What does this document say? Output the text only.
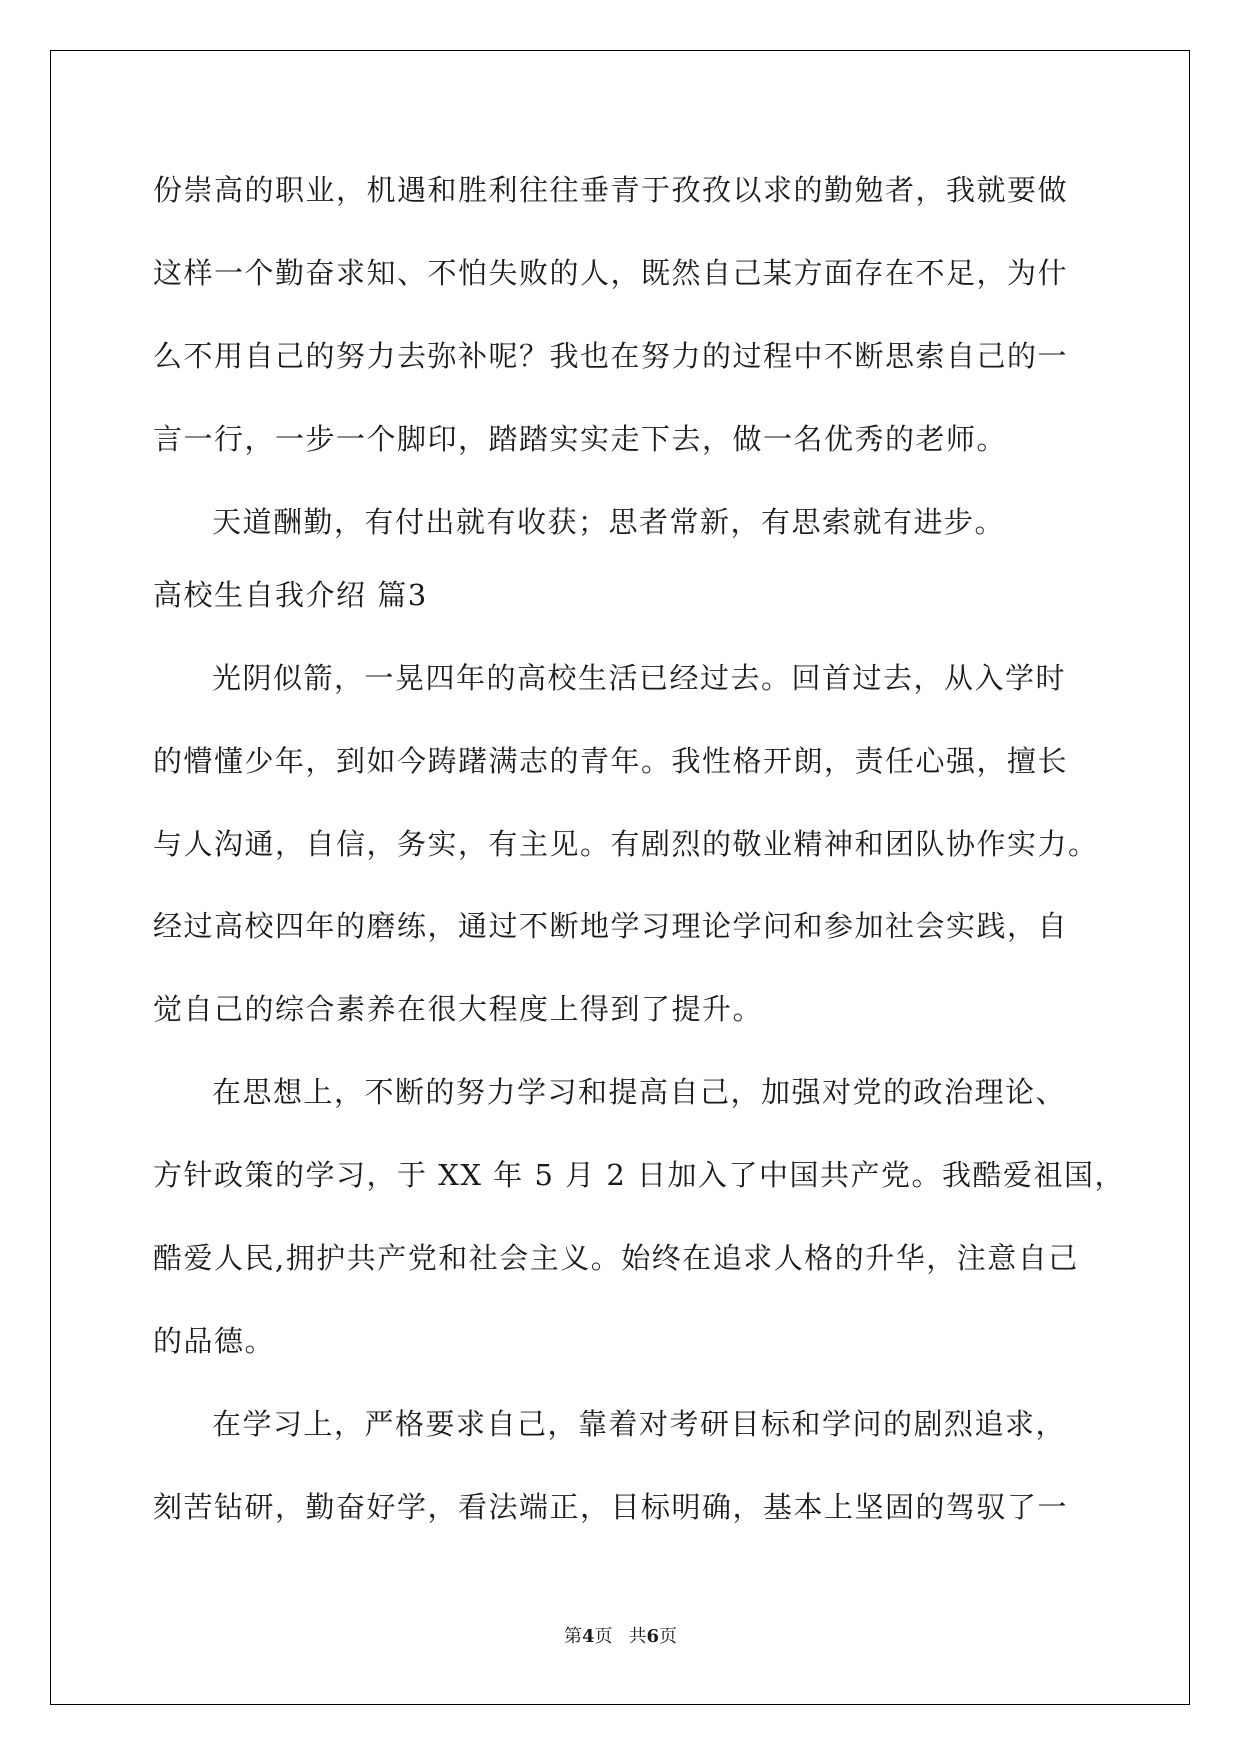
份崇高的职业，机遇和胜利往往垂青于孜孜以求的勤勉者，我就要做

这样一个勤奋求知、不怕失败的人，既然自己某方面存在不足，为什

么不用自己的努力去弥补呢？我也在努力的过程中不断思索自己的一

言一行，一步一个脚印，踏踏实实走下去，做一名优秀的老师。

天道酬勤，有付出就有收获；思者常新，有思索就有进步。

高校生自我介绍 篇3

光阴似箭，一晃四年的高校生活已经过去。回首过去，从入学时

的懵懂少年，到如今踌躇满志的青年。我性格开朗，责任心强，擅长

与人沟通，自信，务实，有主见。有剧烈的敬业精神和团队协作实力。

经过高校四年的磨练，通过不断地学习理论学问和参加社会实践，自

觉自己的综合素养在很大程度上得到了提升。

在思想上，不断的努力学习和提高自己，加强对党的政治理论、

方针政策的学习，于 XX 年 5 月 2 日加入了中国共产党。我酷爱祖国，

酷爱人民,拥护共产党和社会主义。始终在追求人格的升华，注意自己

的品德。

在学习上，严格要求自己，靠着对考研目标和学问的剧烈追求，

刻苦钻研，勤奋好学，看法端正，目标明确，基本上坚固的驾驭了一

第4页 共6页
